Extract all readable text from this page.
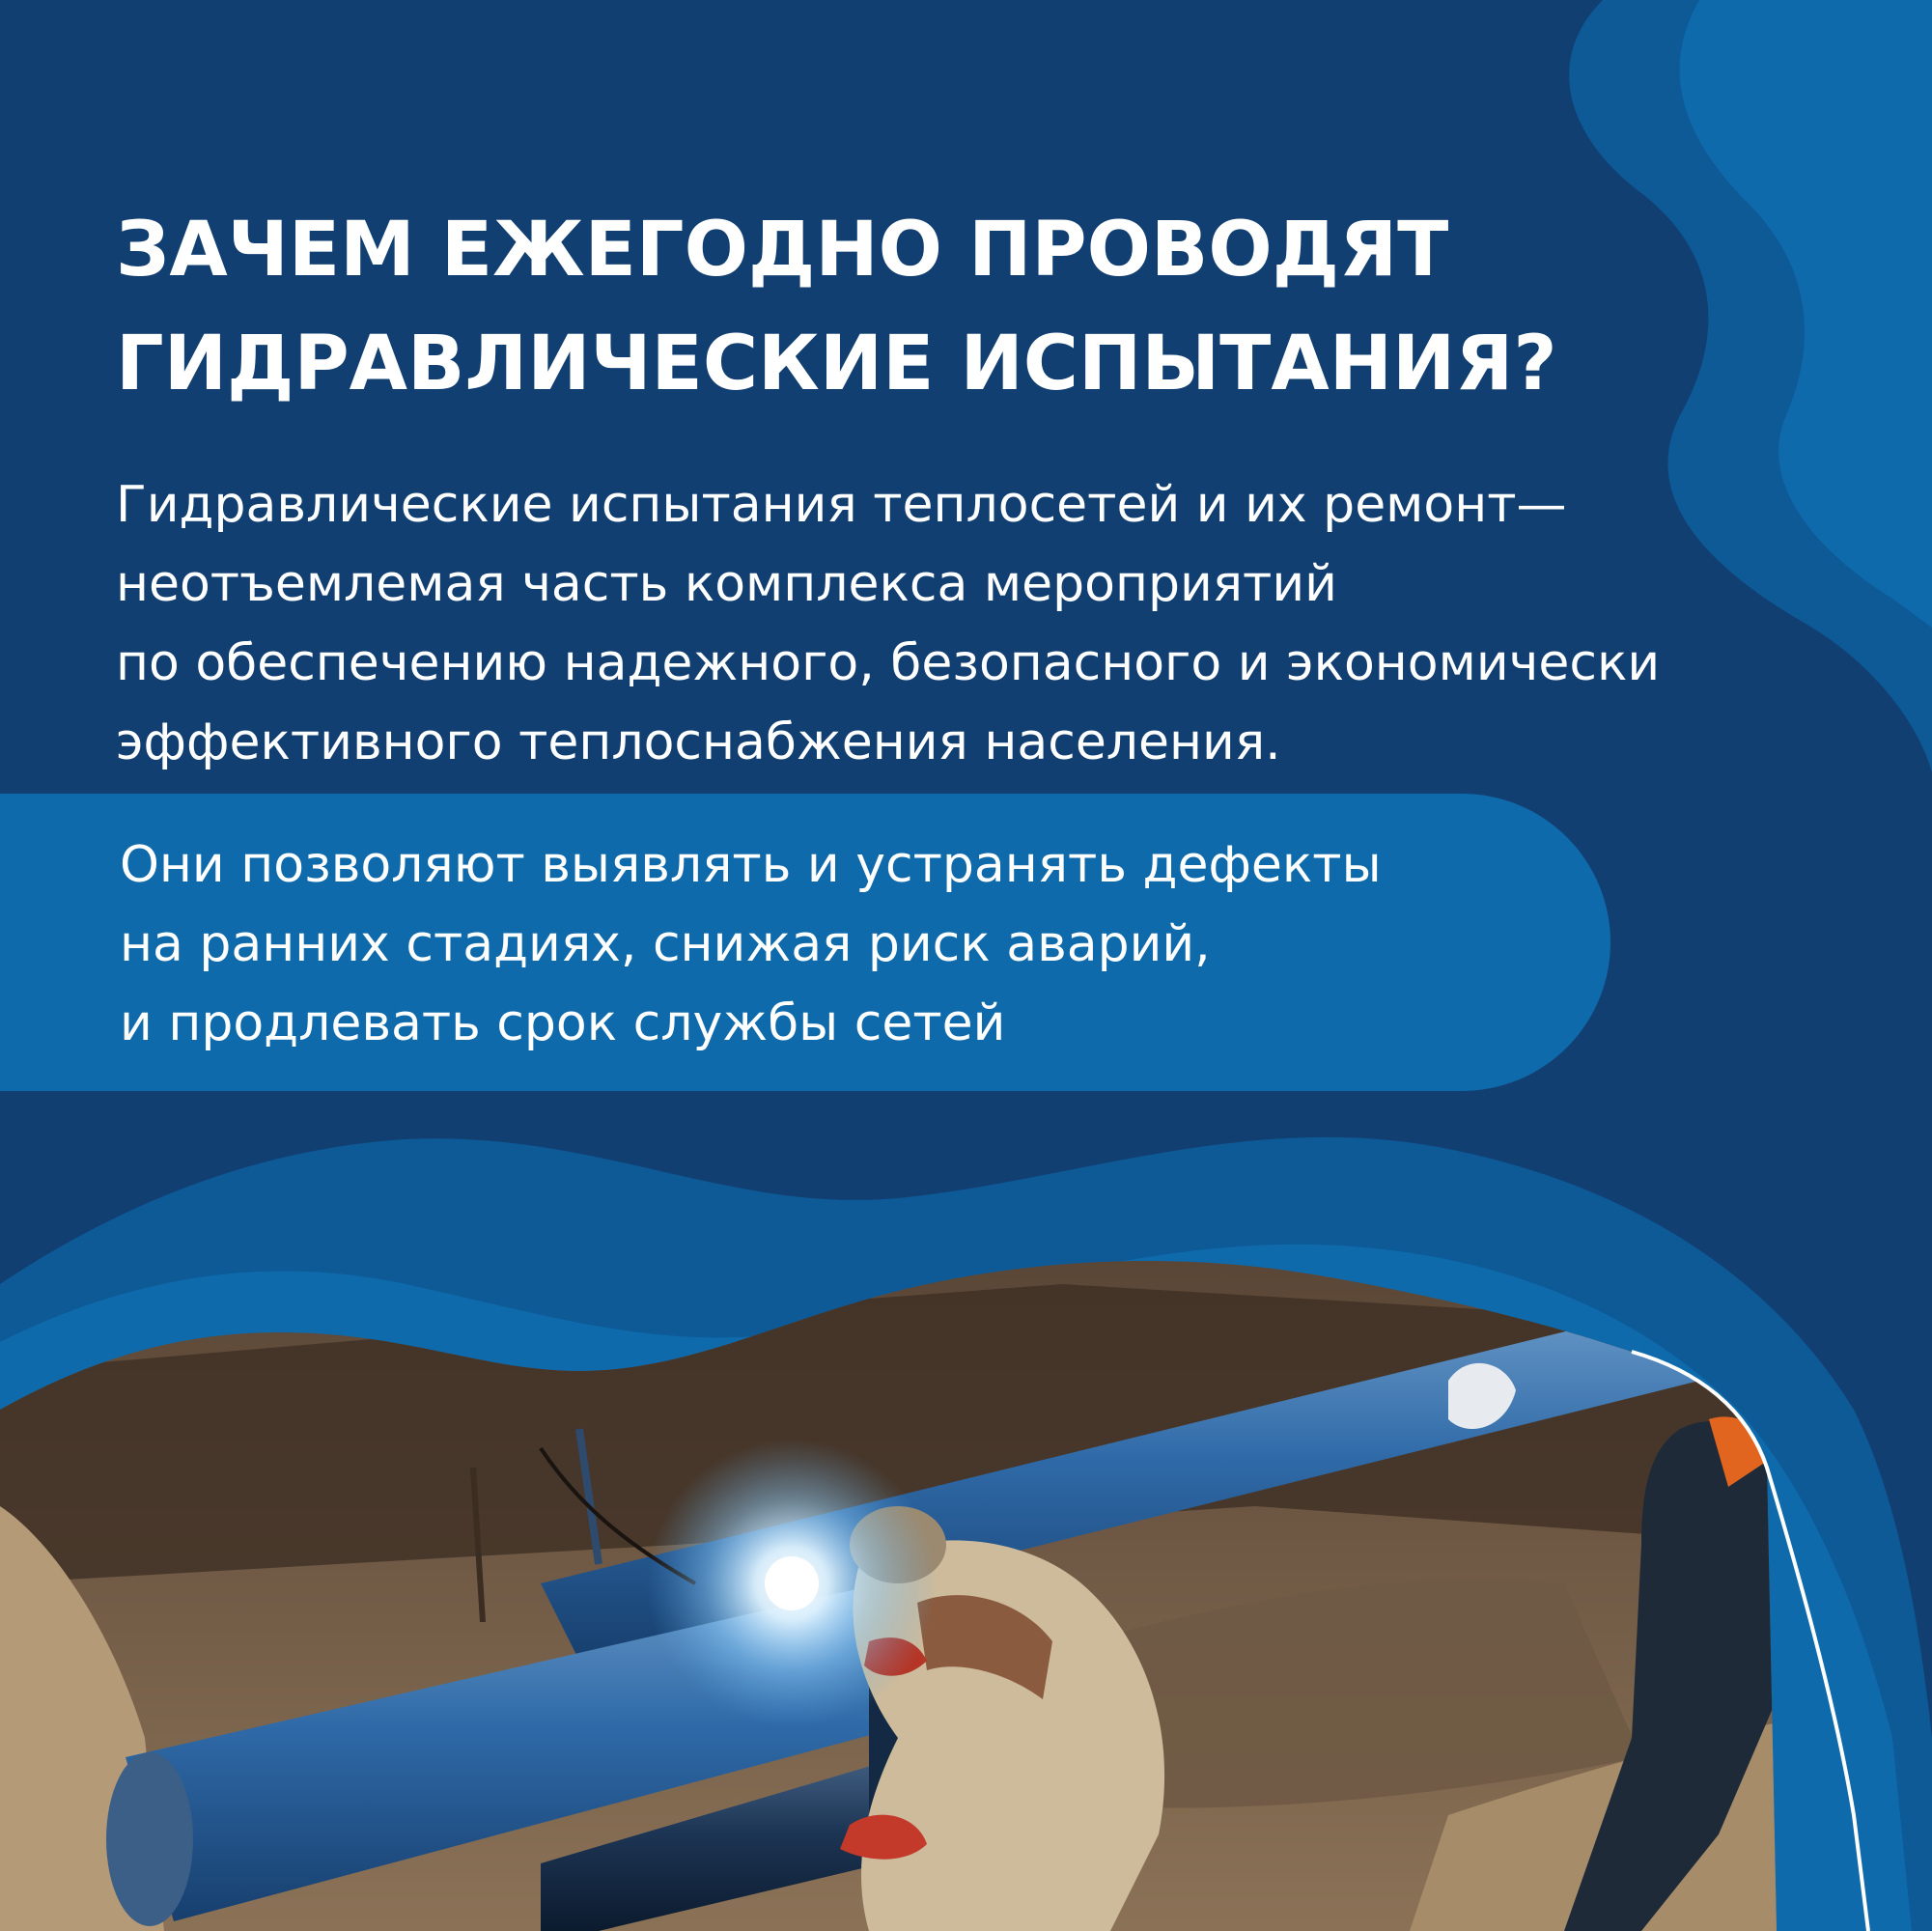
ЗАЧЕМ ЕЖЕГОДНО ПРОВОДЯТ
ГИДРАВЛИЧЕСКИЕ ИСПЫТАНИЯ?

Гидравлические испытания теплосетей и их ремонт—
неотъемлемая часть комплекса мероприятий
по обеспечению надежного, безопасного и экономически
эффективного теплоснабжения населения.

Они позволяют выявлять и устранять дефекты
на ранних стадиях, снижая риск аварий,
и продлевать срок службы сетей
